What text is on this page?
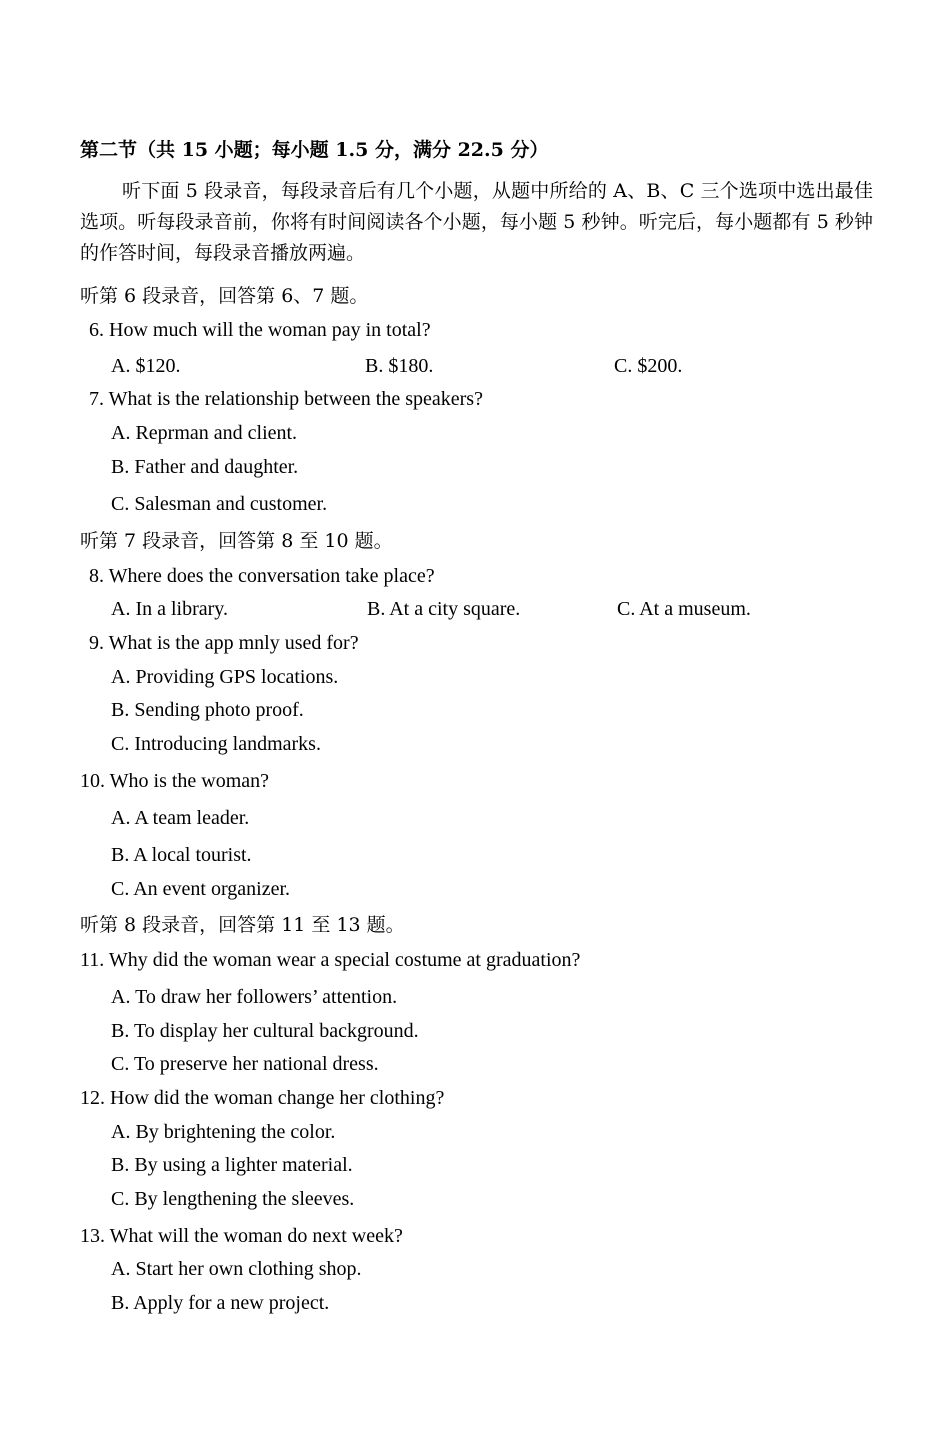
第二节（共 15 小题；每小题 1.5 分，满分 22.5 分）
听下面 5 段录音，每段录音后有几个小题，从题中所给的 A、B、C 三个选项中选出最佳选项。听每段录音前，你将有时间阅读各个小题，每小题 5 秒钟。听完后，每小题都有 5 秒钟的作答时间，每段录音播放两遍。
听第 6 段录音，回答第 6、7 题。
6. How much will the woman pay in total?
A. $120.	B. $180.	C. $200.
7. What is the relationship between the speakers?
A. Reprman and client.
B. Father and daughter.
C. Salesman and customer.
听第 7 段录音，回答第 8 至 10 题。
8. Where does the conversation take place?
A. In a library.	B. At a city square.	C. At a museum.
9. What is the app mnly used for?
A. Providing GPS locations.
B. Sending photo proof.
C. Introducing landmarks.
10. Who is the woman?
A. A team leader.
B. A local tourist.
C. An event organizer.
听第 8 段录音，回答第 11 至 13 题。
11. Why did the woman wear a special costume at graduation?
A. To draw her followers’ attention.
B. To display her cultural background.
C. To preserve her national dress.
12. How did the woman change her clothing?
A. By brightening the color.
B. By using a lighter material.
C. By lengthening the sleeves.
13. What will the woman do next week?
A. Start her own clothing shop.
B. Apply for a new project.
